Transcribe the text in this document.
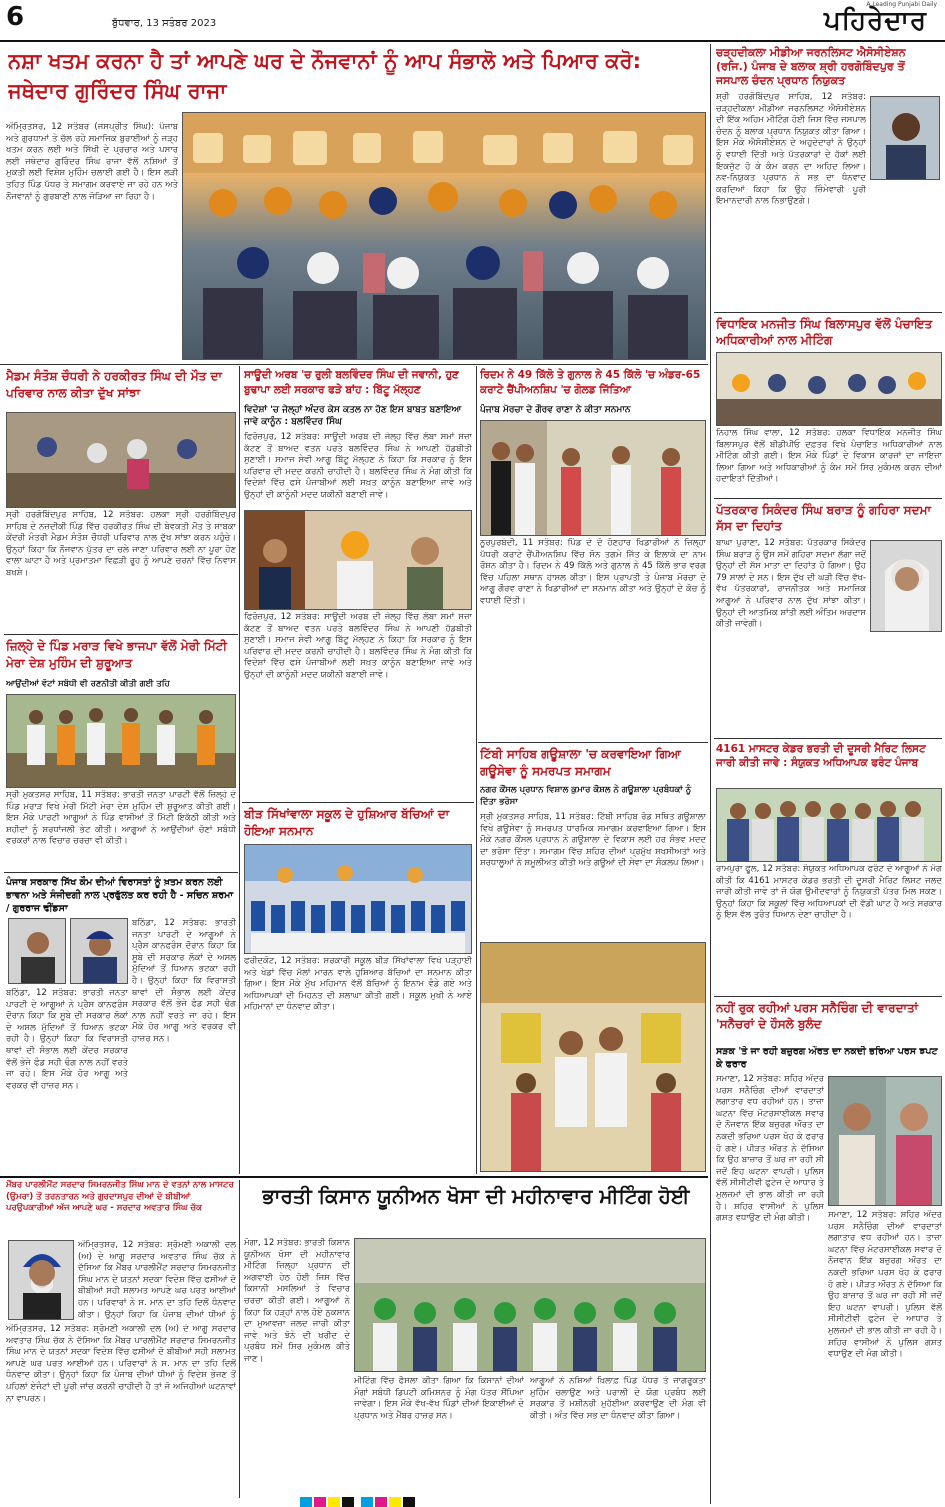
6	ਬੁੱਧਵਾਰ, 13 ਸਤੰਬਰ 2023
A Leading Punjabi Daily
ਪਹਿਰੇਦਾਰ
ਨਸ਼ਾ ਖਤਮ ਕਰਨਾ ਹੈ ਤਾਂ ਆਪਣੇ ਘਰ ਦੇ ਨੌਜਵਾਨਾਂ ਨੂੰ ਆਪ ਸੰਭਾਲੋ ਅਤੇ ਪਿਆਰ ਕਰੋ: ਜਥੇਦਾਰ ਗੁਰਿੰਦਰ ਸਿੰਘ ਰਾਜਾ
ਅੰਮ੍ਰਿਤਸਰ, 12 ਸਤੰਬਰ (ਜਸਪ੍ਰੀਤ ਸਿੰਘ): ਪੰਜਾਬ ਅਤੇ ਗੁਰਧਾਮਾਂ ਤੇ ਚੱਲ ਰਹੇ ਸਮਾਜਿਕ ਬੁਰਾਈਆਂ ਨੂੰ ਜੜ੍ਹ ਖਤਮ ਕਰਨ ਲਈ ਅਤੇ ਸਿੱਖੀ ਦੇ ਪ੍ਰਚਾਰ ਅਤੇ ਪਸਾਰ ਲਈ ਜਥੇਦਾਰ ਗੁਰਿੰਦਰ ਸਿੰਘ ਰਾਜਾ ਵੱਲੋਂ ਨਸ਼ਿਆਂ ਤੋਂ ਮੁਕਤੀ ਲਈ ਵਿਸ਼ੇਸ਼ ਮੁਹਿੰਮ ਚਲਾਈ ਗਈ ਹੈ। ਇਸ ਲੜੀ ਤਹਿਤ ਪਿੰਡ ਪੱਧਰ ਤੇ ਸਮਾਗਮ ਕਰਵਾਏ ਜਾ ਰਹੇ ਹਨ ਅਤੇ ਨੌਜਵਾਨਾਂ ਨੂੰ ਗੁਰਬਾਣੀ ਨਾਲ ਜੋੜਿਆ ਜਾ ਰਿਹਾ ਹੈ।
ਚੜ੍ਹਦੀਕਲਾ ਮੀਡੀਆ ਜਰਨਲਿਸਟ ਐਸੋਸੀਏਸ਼ਨ (ਰਜਿ.) ਪੰਜਾਬ ਦੇ ਬਲਾਕ ਸ਼੍ਰੀ ਹਰਗੋਬਿੰਦਪੁਰ ਤੋਂ ਜਸਪਾਲ ਚੰਦਨ ਪ੍ਰਧਾਨ ਨਿਯੁਕਤ
ਸ਼੍ਰੀ ਹਰਗੋਬਿੰਦਪੁਰ ਸਾਹਿਬ, 12 ਸਤੰਬਰ: ਚੜ੍ਹਦੀਕਲਾ ਮੀਡੀਆ ਜਰਨਲਿਸਟ ਐਸੋਸੀਏਸ਼ਨ ਦੀ ਇੱਕ ਅਹਿਮ ਮੀਟਿੰਗ ਹੋਈ ਜਿਸ ਵਿੱਚ ਜਸਪਾਲ ਚੰਦਨ ਨੂੰ ਬਲਾਕ ਪ੍ਰਧਾਨ ਨਿਯੁਕਤ ਕੀਤਾ ਗਿਆ। ਇਸ ਮੌਕੇ ਐਸੋਸੀਏਸ਼ਨ ਦੇ ਅਹੁਦੇਦਾਰਾਂ ਨੇ ਉਨ੍ਹਾਂ ਨੂੰ ਵਧਾਈ ਦਿੱਤੀ ਅਤੇ ਪੱਤਰਕਾਰਾਂ ਦੇ ਹੱਕਾਂ ਲਈ ਇਕਜੁੱਟ ਹੋ ਕੇ ਕੰਮ ਕਰਨ ਦਾ ਅਹਿਦ ਲਿਆ। ਨਵ-ਨਿਯੁਕਤ ਪ੍ਰਧਾਨ ਨੇ ਸਭ ਦਾ ਧੰਨਵਾਦ ਕਰਦਿਆਂ ਕਿਹਾ ਕਿ ਉਹ ਜ਼ਿੰਮੇਵਾਰੀ ਪੂਰੀ ਇਮਾਨਦਾਰੀ ਨਾਲ ਨਿਭਾਉਣਗੇ।
ਵਿਧਾਇਕ ਮਨਜੀਤ ਸਿੰਘ ਬਿਲਾਸਪੁਰ ਵੱਲੋਂ ਪੰਚਾਇਤ ਅਧਿਕਾਰੀਆਂ ਨਾਲ ਮੀਟਿੰਗ
ਨਿਹਾਲ ਸਿੰਘ ਵਾਲਾ, 12 ਸਤੰਬਰ: ਹਲਕਾ ਵਿਧਾਇਕ ਮਨਜੀਤ ਸਿੰਘ ਬਿਲਾਸਪੁਰ ਵੱਲੋਂ ਬੀਡੀਪੀਓ ਦਫ਼ਤਰ ਵਿਖੇ ਪੰਚਾਇਤ ਅਧਿਕਾਰੀਆਂ ਨਾਲ ਮੀਟਿੰਗ ਕੀਤੀ ਗਈ। ਇਸ ਮੌਕੇ ਪਿੰਡਾਂ ਦੇ ਵਿਕਾਸ ਕਾਰਜਾਂ ਦਾ ਜਾਇਜ਼ਾ ਲਿਆ ਗਿਆ ਅਤੇ ਅਧਿਕਾਰੀਆਂ ਨੂੰ ਕੰਮ ਸਮੇਂ ਸਿਰ ਮੁਕੰਮਲ ਕਰਨ ਦੀਆਂ ਹਦਾਇਤਾਂ ਦਿੱਤੀਆਂ।
ਪੱਤਰਕਾਰ ਸਿਕੰਦਰ ਸਿੰਘ ਬਰਾੜ ਨੂੰ ਗਹਿਰਾ ਸਦਮਾ ਸੱਸ ਦਾ ਦਿਹਾਂਤ
ਬਾਘਾ ਪੁਰਾਣਾ, 12 ਸਤੰਬਰ: ਪੱਤਰਕਾਰ ਸਿਕੰਦਰ ਸਿੰਘ ਬਰਾੜ ਨੂੰ ਉਸ ਸਮੇਂ ਗਹਿਰਾ ਸਦਮਾ ਲੱਗਾ ਜਦੋਂ ਉਨ੍ਹਾਂ ਦੀ ਸੱਸ ਮਾਤਾ ਦਾ ਦਿਹਾਂਤ ਹੋ ਗਿਆ। ਉਹ 79 ਸਾਲਾਂ ਦੇ ਸਨ। ਇਸ ਦੁੱਖ ਦੀ ਘੜੀ ਵਿੱਚ ਵੱਖ-ਵੱਖ ਪੱਤਰਕਾਰਾਂ, ਰਾਜਨੀਤਕ ਅਤੇ ਸਮਾਜਿਕ ਆਗੂਆਂ ਨੇ ਪਰਿਵਾਰ ਨਾਲ ਦੁੱਖ ਸਾਂਝਾ ਕੀਤਾ। ਉਨ੍ਹਾਂ ਦੀ ਆਤਮਿਕ ਸ਼ਾਂਤੀ ਲਈ ਅੰਤਿਮ ਅਰਦਾਸ ਕੀਤੀ ਜਾਵੇਗੀ।
4161 ਮਾਸਟਰ ਕੇਡਰ ਭਰਤੀ ਦੀ ਦੂਸਰੀ ਮੈਰਿਟ ਲਿਸਟ ਜਾਰੀ ਕੀਤੀ ਜਾਵੇ : ਸੰਯੁਕਤ ਅਧਿਆਪਕ ਫਰੰਟ ਪੰਜਾਬ
ਰਾਮਪੁਰਾ ਫੂਲ, 12 ਸਤੰਬਰ: ਸੰਯੁਕਤ ਅਧਿਆਪਕ ਫਰੰਟ ਦੇ ਆਗੂਆਂ ਨੇ ਮੰਗ ਕੀਤੀ ਕਿ 4161 ਮਾਸਟਰ ਕੇਡਰ ਭਰਤੀ ਦੀ ਦੂਸਰੀ ਮੈਰਿਟ ਲਿਸਟ ਜਲਦ ਜਾਰੀ ਕੀਤੀ ਜਾਵੇ ਤਾਂ ਜੋ ਯੋਗ ਉਮੀਦਵਾਰਾਂ ਨੂੰ ਨਿਯੁਕਤੀ ਪੱਤਰ ਮਿਲ ਸਕਣ। ਉਨ੍ਹਾਂ ਕਿਹਾ ਕਿ ਸਕੂਲਾਂ ਵਿੱਚ ਅਧਿਆਪਕਾਂ ਦੀ ਵੱਡੀ ਘਾਟ ਹੈ ਅਤੇ ਸਰਕਾਰ ਨੂੰ ਇਸ ਵੱਲ ਤੁਰੰਤ ਧਿਆਨ ਦੇਣਾ ਚਾਹੀਦਾ ਹੈ।
ਨਹੀਂ ਰੁਕ ਰਹੀਆਂ ਪਰਸ ਸਨੈਚਿੰਗ ਦੀ ਵਾਰਦਾਤਾਂ 'ਸਨੈਚਰਾਂ ਦੇ ਹੌਸਲੇ ਬੁਲੰਦ
ਸੜਕ 'ਤੇ ਜਾ ਰਹੀ ਬਜ਼ੁਰਗ ਔਰਤ ਦਾ ਨਕਦੀ ਭਰਿਆ ਪਰਸ ਝਪਟ ਕੇ ਫਰਾਰ
ਸਮਾਣਾ, 12 ਸਤੰਬਰ: ਸ਼ਹਿਰ ਅੰਦਰ ਪਰਸ ਸਨੈਚਿੰਗ ਦੀਆਂ ਵਾਰਦਾਤਾਂ ਲਗਾਤਾਰ ਵਧ ਰਹੀਆਂ ਹਨ। ਤਾਜ਼ਾ ਘਟਨਾ ਵਿੱਚ ਮੋਟਰਸਾਈਕਲ ਸਵਾਰ ਦੋ ਨੌਜਵਾਨ ਇੱਕ ਬਜ਼ੁਰਗ ਔਰਤ ਦਾ ਨਕਦੀ ਭਰਿਆ ਪਰਸ ਖੋਹ ਕੇ ਫਰਾਰ ਹੋ ਗਏ। ਪੀੜਤ ਔਰਤ ਨੇ ਦੱਸਿਆ ਕਿ ਉਹ ਬਾਜ਼ਾਰ ਤੋਂ ਘਰ ਜਾ ਰਹੀ ਸੀ ਜਦੋਂ ਇਹ ਘਟਨਾ ਵਾਪਰੀ। ਪੁਲਿਸ ਵੱਲੋਂ ਸੀਸੀਟੀਵੀ ਫੁਟੇਜ ਦੇ ਆਧਾਰ ਤੇ ਮੁਲਜ਼ਮਾਂ ਦੀ ਭਾਲ ਕੀਤੀ ਜਾ ਰਹੀ ਹੈ। ਸ਼ਹਿਰ ਵਾਸੀਆਂ ਨੇ ਪੁਲਿਸ ਗਸ਼ਤ ਵਧਾਉਣ ਦੀ ਮੰਗ ਕੀਤੀ।	ਸਮਾਣਾ, 12 ਸਤੰਬਰ: ਸ਼ਹਿਰ ਅੰਦਰ ਪਰਸ ਸਨੈਚਿੰਗ ਦੀਆਂ ਵਾਰਦਾਤਾਂ ਲਗਾਤਾਰ ਵਧ ਰਹੀਆਂ ਹਨ। ਤਾਜ਼ਾ ਘਟਨਾ ਵਿੱਚ ਮੋਟਰਸਾਈਕਲ ਸਵਾਰ ਦੋ ਨੌਜਵਾਨ ਇੱਕ ਬਜ਼ੁਰਗ ਔਰਤ ਦਾ ਨਕਦੀ ਭਰਿਆ ਪਰਸ ਖੋਹ ਕੇ ਫਰਾਰ ਹੋ ਗਏ। ਪੀੜਤ ਔਰਤ ਨੇ ਦੱਸਿਆ ਕਿ ਉਹ ਬਾਜ਼ਾਰ ਤੋਂ ਘਰ ਜਾ ਰਹੀ ਸੀ ਜਦੋਂ ਇਹ ਘਟਨਾ ਵਾਪਰੀ। ਪੁਲਿਸ ਵੱਲੋਂ ਸੀਸੀਟੀਵੀ ਫੁਟੇਜ ਦੇ ਆਧਾਰ ਤੇ ਮੁਲਜ਼ਮਾਂ ਦੀ ਭਾਲ ਕੀਤੀ ਜਾ ਰਹੀ ਹੈ। ਸ਼ਹਿਰ ਵਾਸੀਆਂ ਨੇ ਪੁਲਿਸ ਗਸ਼ਤ ਵਧਾਉਣ ਦੀ ਮੰਗ ਕੀਤੀ।
ਮੈਡਮ ਸੰਤੋਸ਼ ਚੌਧਰੀ ਨੇ ਹਰਕੀਰਤ ਸਿੰਘ ਦੀ ਮੌਤ ਦਾ ਪਰਿਵਾਰ ਨਾਲ ਕੀਤਾ ਦੁੱਖ ਸਾਂਝਾ
ਸ੍ਰੀ ਹਰਗੋਬਿੰਦਪੁਰ ਸਾਹਿਬ, 12 ਸਤੰਬਰ: ਹਲਕਾ ਸ੍ਰੀ ਹਰਗੋਬਿੰਦਪੁਰ ਸਾਹਿਬ ਦੇ ਨਜ਼ਦੀਕੀ ਪਿੰਡ ਵਿੱਚ ਹਰਕੀਰਤ ਸਿੰਘ ਦੀ ਬੇਵਕਤੀ ਮੌਤ ਤੇ ਸਾਬਕਾ ਕੇਂਦਰੀ ਮੰਤਰੀ ਮੈਡਮ ਸੰਤੋਸ਼ ਚੌਧਰੀ ਪਰਿਵਾਰ ਨਾਲ ਦੁੱਖ ਸਾਂਝਾ ਕਰਨ ਪਹੁੰਚੇ। ਉਨ੍ਹਾਂ ਕਿਹਾ ਕਿ ਨੌਜਵਾਨ ਪੁੱਤਰ ਦਾ ਚਲੇ ਜਾਣਾ ਪਰਿਵਾਰ ਲਈ ਨਾ ਪੂਰਾ ਹੋਣ ਵਾਲਾ ਘਾਟਾ ਹੈ ਅਤੇ ਪ੍ਰਮਾਤਮਾ ਵਿਛੜੀ ਰੂਹ ਨੂੰ ਆਪਣੇ ਚਰਨਾਂ ਵਿੱਚ ਨਿਵਾਸ ਬਖਸ਼ੇ।
ਜ਼ਿਲ੍ਹੇ ਦੇ ਪਿੰਡ ਮਰਾੜ ਵਿਖੇ ਭਾਜਪਾ ਵੱਲੋਂ ਮੇਰੀ ਮਿੱਟੀ ਮੇਰਾ ਦੇਸ਼ ਮੁਹਿੰਮ ਦੀ ਸ਼ੁਰੂਆਤ
ਆਉਂਦੀਆਂ ਵੋਟਾਂ ਸਬੰਧੀ ਵੀ ਰਣਨੀਤੀ ਕੀਤੀ ਗਈ ਤਹਿ
ਸ੍ਰੀ ਮੁਕਤਸਰ ਸਾਹਿਬ, 11 ਸਤੰਬਰ: ਭਾਰਤੀ ਜਨਤਾ ਪਾਰਟੀ ਵੱਲੋਂ ਜ਼ਿਲ੍ਹੇ ਦੇ ਪਿੰਡ ਮਰਾੜ ਵਿਖੇ ਮੇਰੀ ਮਿੱਟੀ ਮੇਰਾ ਦੇਸ਼ ਮੁਹਿੰਮ ਦੀ ਸ਼ੁਰੂਆਤ ਕੀਤੀ ਗਈ। ਇਸ ਮੌਕੇ ਪਾਰਟੀ ਆਗੂਆਂ ਨੇ ਪਿੰਡ ਵਾਸੀਆਂ ਤੋਂ ਮਿੱਟੀ ਇਕੱਠੀ ਕੀਤੀ ਅਤੇ ਸ਼ਹੀਦਾਂ ਨੂੰ ਸ਼ਰਧਾਂਜਲੀ ਭੇਟ ਕੀਤੀ। ਆਗੂਆਂ ਨੇ ਆਉਂਦੀਆਂ ਚੋਣਾਂ ਸਬੰਧੀ ਵਰਕਰਾਂ ਨਾਲ ਵਿਚਾਰ ਚਰਚਾ ਵੀ ਕੀਤੀ।
ਪੰਜਾਬ ਸਰਕਾਰ ਸਿੱਖ ਕੌਮ ਦੀਆਂ ਵਿਰਾਸਤਾਂ ਨੂੰ ਖ਼ਤਮ ਕਰਨ ਲਈ ਭਾਵਨਾ ਅਤੇ ਸੰਜੀਦਗੀ ਨਾਲ ਪ੍ਰਫੁੱਲਤ ਕਰ ਰਹੀ ਹੈ - ਸਚਿਨ ਸ਼ਰਮਾ / ਗੁਰਰਾਜ ਢੀਂਡਸਾ
ਬਠਿੰਡਾ, 12 ਸਤੰਬਰ: ਭਾਰਤੀ ਜਨਤਾ ਪਾਰਟੀ ਦੇ ਆਗੂਆਂ ਨੇ ਪ੍ਰੈਸ ਕਾਨਫਰੰਸ ਦੌਰਾਨ ਕਿਹਾ ਕਿ ਸੂਬੇ ਦੀ ਸਰਕਾਰ ਲੋਕਾਂ ਦੇ ਅਸਲ ਮੁੱਦਿਆਂ ਤੋਂ ਧਿਆਨ ਭਟਕਾ ਰਹੀ ਹੈ। ਉਨ੍ਹਾਂ ਕਿਹਾ ਕਿ ਵਿਰਾਸਤੀ ਥਾਵਾਂ ਦੀ ਸੰਭਾਲ ਲਈ ਕੇਂਦਰ ਸਰਕਾਰ ਵੱਲੋਂ ਭੇਜੇ ਫੰਡ ਸਹੀ ਢੰਗ ਨਾਲ ਨਹੀਂ ਵਰਤੇ ਜਾ ਰਹੇ। ਇਸ ਮੌਕੇ ਹੋਰ ਆਗੂ ਅਤੇ ਵਰਕਰ ਵੀ ਹਾਜ਼ਰ ਸਨ।
ਬਠਿੰਡਾ, 12 ਸਤੰਬਰ: ਭਾਰਤੀ ਜਨਤਾ ਪਾਰਟੀ ਦੇ ਆਗੂਆਂ ਨੇ ਪ੍ਰੈਸ ਕਾਨਫਰੰਸ ਦੌਰਾਨ ਕਿਹਾ ਕਿ ਸੂਬੇ ਦੀ ਸਰਕਾਰ ਲੋਕਾਂ ਦੇ ਅਸਲ ਮੁੱਦਿਆਂ ਤੋਂ ਧਿਆਨ ਭਟਕਾ ਰਹੀ ਹੈ। ਉਨ੍ਹਾਂ ਕਿਹਾ ਕਿ ਵਿਰਾਸਤੀ ਥਾਵਾਂ ਦੀ ਸੰਭਾਲ ਲਈ ਕੇਂਦਰ ਸਰਕਾਰ ਵੱਲੋਂ ਭੇਜੇ ਫੰਡ ਸਹੀ ਢੰਗ ਨਾਲ ਨਹੀਂ ਵਰਤੇ ਜਾ ਰਹੇ। ਇਸ ਮੌਕੇ ਹੋਰ ਆਗੂ ਅਤੇ ਵਰਕਰ ਵੀ ਹਾਜ਼ਰ ਸਨ।
ਸਾਊਦੀ ਅਰਬ 'ਚ ਰੁਲੀ ਬਲਵਿੰਦਰ ਸਿੰਘ ਦੀ ਜਵਾਨੀ, ਹੁਣ ਬੁਢਾਪਾ ਲਈ ਸਰਕਾਰ ਫੜੇ ਬਾਂਹ : ਬਿੱਟੂ ਮੱਲ੍ਹਣ
ਵਿਦੇਸ਼ਾਂ 'ਚ ਜੇਲ੍ਹਾਂ ਅੰਦਰ ਕੇਸ ਕਤਲ ਨਾ ਹੋਣ ਇਸ ਬਾਬਤ ਬਣਾਇਆ ਜਾਵੇ ਕਾਨੂੰਨ : ਬਲਵਿੰਦਰ ਸਿੰਘ
ਫਿਰੋਜ਼ਪੁਰ, 12 ਸਤੰਬਰ: ਸਾਊਦੀ ਅਰਬ ਦੀ ਜੇਲ੍ਹ ਵਿੱਚ ਲੰਬਾ ਸਮਾਂ ਸਜ਼ਾ ਕੱਟਣ ਤੋਂ ਬਾਅਦ ਵਤਨ ਪਰਤੇ ਬਲਵਿੰਦਰ ਸਿੰਘ ਨੇ ਆਪਣੀ ਹੱਡਬੀਤੀ ਸੁਣਾਈ। ਸਮਾਜ ਸੇਵੀ ਆਗੂ ਬਿੱਟੂ ਮੱਲ੍ਹਣ ਨੇ ਕਿਹਾ ਕਿ ਸਰਕਾਰ ਨੂੰ ਇਸ ਪਰਿਵਾਰ ਦੀ ਮਦਦ ਕਰਨੀ ਚਾਹੀਦੀ ਹੈ। ਬਲਵਿੰਦਰ ਸਿੰਘ ਨੇ ਮੰਗ ਕੀਤੀ ਕਿ ਵਿਦੇਸ਼ਾਂ ਵਿੱਚ ਫਸੇ ਪੰਜਾਬੀਆਂ ਲਈ ਸਖ਼ਤ ਕਾਨੂੰਨ ਬਣਾਇਆ ਜਾਵੇ ਅਤੇ ਉਨ੍ਹਾਂ ਦੀ ਕਾਨੂੰਨੀ ਮਦਦ ਯਕੀਨੀ ਬਣਾਈ ਜਾਵੇ।
ਫਿਰੋਜ਼ਪੁਰ, 12 ਸਤੰਬਰ: ਸਾਊਦੀ ਅਰਬ ਦੀ ਜੇਲ੍ਹ ਵਿੱਚ ਲੰਬਾ ਸਮਾਂ ਸਜ਼ਾ ਕੱਟਣ ਤੋਂ ਬਾਅਦ ਵਤਨ ਪਰਤੇ ਬਲਵਿੰਦਰ ਸਿੰਘ ਨੇ ਆਪਣੀ ਹੱਡਬੀਤੀ ਸੁਣਾਈ। ਸਮਾਜ ਸੇਵੀ ਆਗੂ ਬਿੱਟੂ ਮੱਲ੍ਹਣ ਨੇ ਕਿਹਾ ਕਿ ਸਰਕਾਰ ਨੂੰ ਇਸ ਪਰਿਵਾਰ ਦੀ ਮਦਦ ਕਰਨੀ ਚਾਹੀਦੀ ਹੈ। ਬਲਵਿੰਦਰ ਸਿੰਘ ਨੇ ਮੰਗ ਕੀਤੀ ਕਿ ਵਿਦੇਸ਼ਾਂ ਵਿੱਚ ਫਸੇ ਪੰਜਾਬੀਆਂ ਲਈ ਸਖ਼ਤ ਕਾਨੂੰਨ ਬਣਾਇਆ ਜਾਵੇ ਅਤੇ ਉਨ੍ਹਾਂ ਦੀ ਕਾਨੂੰਨੀ ਮਦਦ ਯਕੀਨੀ ਬਣਾਈ ਜਾਵੇ।
ਬੀੜ ਸਿੱਖਾਂਵਾਲਾ ਸਕੂਲ ਦੇ ਹੁਸ਼ਿਆਰ ਬੱਚਿਆਂ ਦਾ ਹੋਇਆ ਸਨਮਾਨ
ਫਰੀਦਕੋਟ, 12 ਸਤੰਬਰ: ਸਰਕਾਰੀ ਸਕੂਲ ਬੀੜ ਸਿੱਖਾਂਵਾਲਾ ਵਿਖੇ ਪੜ੍ਹਾਈ ਅਤੇ ਖੇਡਾਂ ਵਿੱਚ ਮੱਲਾਂ ਮਾਰਨ ਵਾਲੇ ਹੁਸ਼ਿਆਰ ਬੱਚਿਆਂ ਦਾ ਸਨਮਾਨ ਕੀਤਾ ਗਿਆ। ਇਸ ਮੌਕੇ ਮੁੱਖ ਮਹਿਮਾਨ ਵੱਲੋਂ ਬੱਚਿਆਂ ਨੂੰ ਇਨਾਮ ਵੰਡੇ ਗਏ ਅਤੇ ਅਧਿਆਪਕਾਂ ਦੀ ਮਿਹਨਤ ਦੀ ਸ਼ਲਾਘਾ ਕੀਤੀ ਗਈ। ਸਕੂਲ ਮੁਖੀ ਨੇ ਆਏ ਮਹਿਮਾਨਾਂ ਦਾ ਧੰਨਵਾਦ ਕੀਤਾ।
ਰਿਦਮ ਨੇ 49 ਕਿੱਲੋ ਤੇ ਗੁਨਾਲ ਨੇ 45 ਕਿੱਲੋ 'ਚ ਅੰਡਰ-65 ਕਰਾਟੇ ਚੈਂਪੀਅਨਸ਼ਿਪ 'ਚ ਗੋਲਡ ਜਿੱਤਿਆ
ਪੰਜਾਬ ਮੋਰਚਾ ਦੇ ਗੌਰਵ ਰਾਣਾ ਨੇ ਕੀਤਾ ਸਨਮਾਨ
ਨੂਰਪੁਰਬੇਦੀ, 11 ਸਤੰਬਰ: ਪਿੰਡ ਦੇ ਦੋ ਹੋਣਹਾਰ ਖਿਡਾਰੀਆਂ ਨੇ ਜ਼ਿਲ੍ਹਾ ਪੱਧਰੀ ਕਰਾਟੇ ਚੈਂਪੀਅਨਸ਼ਿਪ ਵਿੱਚ ਸੋਨ ਤਗਮੇ ਜਿੱਤ ਕੇ ਇਲਾਕੇ ਦਾ ਨਾਮ ਰੌਸ਼ਨ ਕੀਤਾ ਹੈ। ਰਿਦਮ ਨੇ 49 ਕਿੱਲੋ ਅਤੇ ਗੁਨਾਲ ਨੇ 45 ਕਿੱਲੋ ਭਾਰ ਵਰਗ ਵਿੱਚ ਪਹਿਲਾ ਸਥਾਨ ਹਾਸਲ ਕੀਤਾ। ਇਸ ਪ੍ਰਾਪਤੀ ਤੇ ਪੰਜਾਬ ਮੋਰਚਾ ਦੇ ਆਗੂ ਗੌਰਵ ਰਾਣਾ ਨੇ ਖਿਡਾਰੀਆਂ ਦਾ ਸਨਮਾਨ ਕੀਤਾ ਅਤੇ ਉਨ੍ਹਾਂ ਦੇ ਕੋਚ ਨੂੰ ਵਧਾਈ ਦਿੱਤੀ।
ਟਿੱਬੀ ਸਾਹਿਬ ਗਊਸ਼ਾਲਾ 'ਚ ਕਰਵਾਇਆ ਗਿਆ ਗਊਸੇਵਾ ਨੂੰ ਸਮਰਪਤ ਸਮਾਗਮ
ਨਗਰ ਕੌਂਸਲ ਪ੍ਰਧਾਨ ਵਿਸ਼ਾਲ ਕੁਮਾਰ ਕੌਸ਼ਲ ਨੇ ਗਊਸ਼ਾਲਾ ਪ੍ਰਬੰਧਕਾਂ ਨੂੰ ਦਿੱਤਾ ਭਰੋਸਾ
ਸ੍ਰੀ ਮੁਕਤਸਰ ਸਾਹਿਬ, 11 ਸਤੰਬਰ: ਟਿੱਬੀ ਸਾਹਿਬ ਰੋਡ ਸਥਿਤ ਗਊਸ਼ਾਲਾ ਵਿਖੇ ਗਊਸੇਵਾ ਨੂੰ ਸਮਰਪਤ ਧਾਰਮਿਕ ਸਮਾਗਮ ਕਰਵਾਇਆ ਗਿਆ। ਇਸ ਮੌਕੇ ਨਗਰ ਕੌਂਸਲ ਪ੍ਰਧਾਨ ਨੇ ਗਊਸ਼ਾਲਾ ਦੇ ਵਿਕਾਸ ਲਈ ਹਰ ਸੰਭਵ ਮਦਦ ਦਾ ਭਰੋਸਾ ਦਿੱਤਾ। ਸਮਾਗਮ ਵਿੱਚ ਸ਼ਹਿਰ ਦੀਆਂ ਪ੍ਰਮੁੱਖ ਸ਼ਖਸੀਅਤਾਂ ਅਤੇ ਸ਼ਰਧਾਲੂਆਂ ਨੇ ਸ਼ਮੂਲੀਅਤ ਕੀਤੀ ਅਤੇ ਗਊਆਂ ਦੀ ਸੇਵਾ ਦਾ ਸੰਕਲਪ ਲਿਆ।
ਮੈਂਬਰ ਪਾਰਲੀਮੈਂਟ ਸਰਦਾਰ ਸਿਮਰਨਜੀਤ ਸਿੰਘ ਮਾਨ ਦੇ ਵਤਨਾਂ ਨਾਲ ਮਾਸਟਰ (ਉਮਰਾ) ਤੋਂ ਤਰਨਤਾਰਨ ਅਤੇ ਗੁਰਦਾਸਪੁਰ ਦੀਆਂ ਦੋ ਬੀਬੀਆਂ ਪਰਉਪਕਾਰੀਆਂ ਅੱਜ ਆਪਣੇ ਘਰ - ਸਰਦਾਰ ਅਵਤਾਰ ਸਿੰਘ ਚੱਕ
ਅੰਮ੍ਰਿਤਸਰ, 12 ਸਤੰਬਰ: ਸ਼੍ਰੋਮਣੀ ਅਕਾਲੀ ਦਲ (ਅ) ਦੇ ਆਗੂ ਸਰਦਾਰ ਅਵਤਾਰ ਸਿੰਘ ਚੱਕ ਨੇ ਦੱਸਿਆ ਕਿ ਮੈਂਬਰ ਪਾਰਲੀਮੈਂਟ ਸਰਦਾਰ ਸਿਮਰਨਜੀਤ ਸਿੰਘ ਮਾਨ ਦੇ ਯਤਨਾਂ ਸਦਕਾ ਵਿਦੇਸ਼ ਵਿੱਚ ਫਸੀਆਂ ਦੋ ਬੀਬੀਆਂ ਸਹੀ ਸਲਾਮਤ ਆਪਣੇ ਘਰ ਪਰਤ ਆਈਆਂ ਹਨ। ਪਰਿਵਾਰਾਂ ਨੇ ਸ. ਮਾਨ ਦਾ ਤਹਿ ਦਿਲੋਂ ਧੰਨਵਾਦ ਕੀਤਾ। ਉਨ੍ਹਾਂ ਕਿਹਾ ਕਿ ਪੰਜਾਬ ਦੀਆਂ ਧੀਆਂ ਨੂੰ
ਅੰਮ੍ਰਿਤਸਰ, 12 ਸਤੰਬਰ: ਸ਼੍ਰੋਮਣੀ ਅਕਾਲੀ ਦਲ (ਅ) ਦੇ ਆਗੂ ਸਰਦਾਰ ਅਵਤਾਰ ਸਿੰਘ ਚੱਕ ਨੇ ਦੱਸਿਆ ਕਿ ਮੈਂਬਰ ਪਾਰਲੀਮੈਂਟ ਸਰਦਾਰ ਸਿਮਰਨਜੀਤ ਸਿੰਘ ਮਾਨ ਦੇ ਯਤਨਾਂ ਸਦਕਾ ਵਿਦੇਸ਼ ਵਿੱਚ ਫਸੀਆਂ ਦੋ ਬੀਬੀਆਂ ਸਹੀ ਸਲਾਮਤ ਆਪਣੇ ਘਰ ਪਰਤ ਆਈਆਂ ਹਨ। ਪਰਿਵਾਰਾਂ ਨੇ ਸ. ਮਾਨ ਦਾ ਤਹਿ ਦਿਲੋਂ ਧੰਨਵਾਦ ਕੀਤਾ। ਉਨ੍ਹਾਂ ਕਿਹਾ ਕਿ ਪੰਜਾਬ ਦੀਆਂ ਧੀਆਂ ਨੂੰ ਵਿਦੇਸ਼ ਭੇਜਣ ਤੋਂ ਪਹਿਲਾਂ ਏਜੰਟਾਂ ਦੀ ਪੂਰੀ ਜਾਂਚ ਕਰਨੀ ਚਾਹੀਦੀ ਹੈ ਤਾਂ ਜੋ ਅਜਿਹੀਆਂ ਘਟਨਾਵਾਂ ਨਾ ਵਾਪਰਨ।
ਭਾਰਤੀ ਕਿਸਾਨ ਯੂਨੀਅਨ ਖੋਸਾ ਦੀ ਮਹੀਨਾਵਾਰ ਮੀਟਿੰਗ ਹੋਈ
ਮੋਗਾ, 12 ਸਤੰਬਰ: ਭਾਰਤੀ ਕਿਸਾਨ ਯੂਨੀਅਨ ਖੋਸਾ ਦੀ ਮਹੀਨਾਵਾਰ ਮੀਟਿੰਗ ਜ਼ਿਲ੍ਹਾ ਪ੍ਰਧਾਨ ਦੀ ਅਗਵਾਈ ਹੇਠ ਹੋਈ ਜਿਸ ਵਿੱਚ ਕਿਸਾਨੀ ਮਸਲਿਆਂ ਤੇ ਵਿਚਾਰ ਚਰਚਾ ਕੀਤੀ ਗਈ। ਆਗੂਆਂ ਨੇ ਕਿਹਾ ਕਿ ਹੜ੍ਹਾਂ ਨਾਲ ਹੋਏ ਨੁਕਸਾਨ ਦਾ ਮੁਆਵਜ਼ਾ ਜਲਦ ਜਾਰੀ ਕੀਤਾ ਜਾਵੇ ਅਤੇ ਝੋਨੇ ਦੀ ਖਰੀਦ ਦੇ ਪ੍ਰਬੰਧ ਸਮੇਂ ਸਿਰ ਮੁਕੰਮਲ ਕੀਤੇ ਜਾਣ।
ਮੀਟਿੰਗ ਵਿੱਚ ਫੈਸਲਾ ਕੀਤਾ ਗਿਆ ਕਿ ਕਿਸਾਨਾਂ ਦੀਆਂ ਮੰਗਾਂ ਸਬੰਧੀ ਡਿਪਟੀ ਕਮਿਸ਼ਨਰ ਨੂੰ ਮੰਗ ਪੱਤਰ ਸੌਂਪਿਆ ਜਾਵੇਗਾ। ਇਸ ਮੌਕੇ ਵੱਖ-ਵੱਖ ਪਿੰਡਾਂ ਦੀਆਂ ਇਕਾਈਆਂ ਦੇ ਪ੍ਰਧਾਨ ਅਤੇ ਮੈਂਬਰ ਹਾਜ਼ਰ ਸਨ।
ਆਗੂਆਂ ਨੇ ਨਸ਼ਿਆਂ ਖ਼ਿਲਾਫ਼ ਪਿੰਡ ਪੱਧਰ ਤੇ ਜਾਗਰੂਕਤਾ ਮੁਹਿੰਮ ਚਲਾਉਣ ਅਤੇ ਪਰਾਲੀ ਦੇ ਯੋਗ ਪ੍ਰਬੰਧ ਲਈ ਸਰਕਾਰ ਤੋਂ ਮਸ਼ੀਨਰੀ ਮੁਹੱਈਆ ਕਰਵਾਉਣ ਦੀ ਮੰਗ ਵੀ ਕੀਤੀ। ਅੰਤ ਵਿੱਚ ਸਭ ਦਾ ਧੰਨਵਾਦ ਕੀਤਾ ਗਿਆ।
